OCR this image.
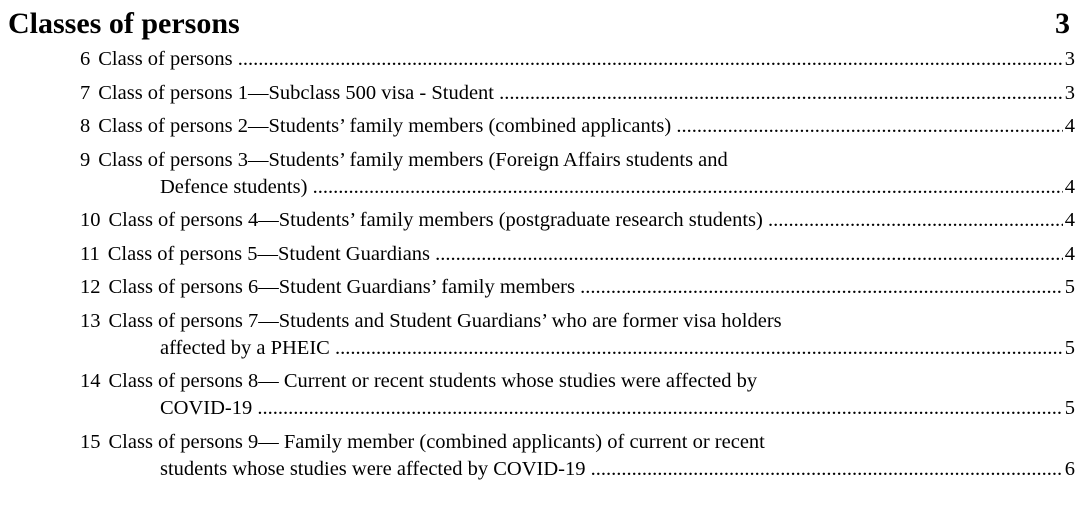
Classes of persons	3
6 Class of persons .....	3
7 Class of persons 1—Subclass 500 visa - Student .....	3
8 Class of persons 2—Students’ family members (combined applicants) .....	4
9 Class of persons 3—Students’ family members (Foreign Affairs students and
Defence students) .....	4
10 Class of persons 4—Students’ family members (postgraduate research students) .....	4
11 Class of persons 5—Student Guardians .....	4
12 Class of persons 6—Student Guardians’ family members .....	5
13 Class of persons 7—Students and Student Guardians’ who are former visa holders
affected by a PHEIC .....	5
14 Class of persons 8— Current or recent students whose studies were affected by
COVID-19 .....	5
15 Class of persons 9— Family member (combined applicants) of current or recent
students whose studies were affected by COVID-19 .....	6
